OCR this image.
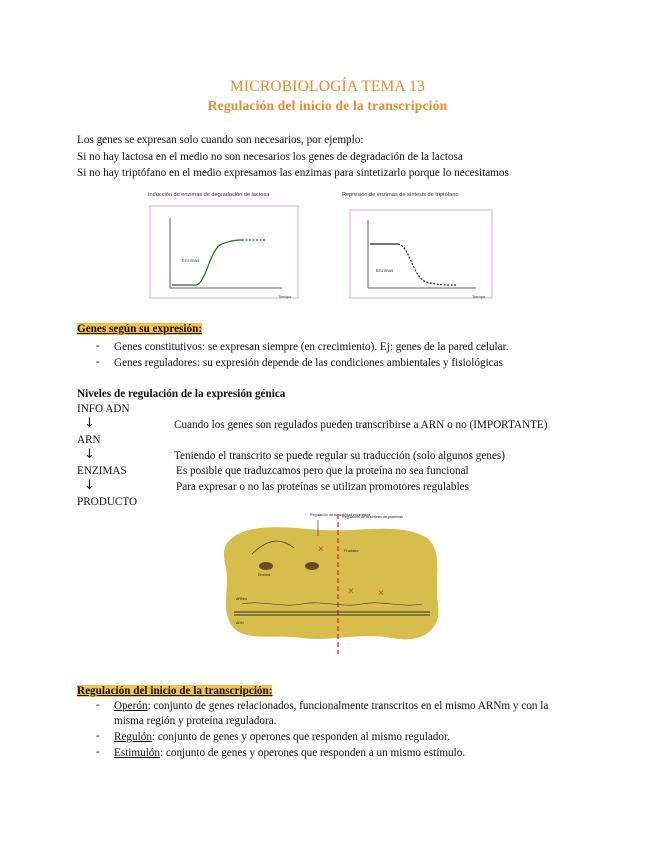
MICROBIOLOGÍA TEMA 13
Regulación del inicio de la transcripción
Los genes se expresan solo cuando son necesarios, por ejemplo:
Si no hay lactosa en el medio no son necesarios los genes de degradación de la lactosa
Si no hay triptófano en el medio expresamos las enzimas para sintetizarlo porque lo necesitamos
Inducción de enzimas de degradación de lactosa
Enzimas
Tiempo
Represión de enzimas de síntesis de triptófano
Enzimas
Tiempo
Genes según su expresión:
- Genes constitutivos: se expresan siempre (en crecimiento). Ej: genes de la pared celular.
- Genes reguladores: su expresión depende de las condiciones ambientales y fisiológicas
Niveles de regulación de la expresión génica
INFO ADN
↓	Cuando los genes son regulados pueden transcribirse a ARN o no (IMPORTANTE)
ARN
↓	Teniendo el transcrito se puede regular su traducción (solo algunos genes)
ENZIMAS	Es posible que traduzcamos pero que la proteína no sea funcional
↓	Para expresar o no las proteínas se utilizan promotores regulables
PRODUCTO
Regulación de la actividad enzimática
Regulación de la síntesis de proteínas
×
× ×
Producto
Enzima
ARNm
ADN
Regulación del inicio de la transcripción:
- Operón: conjunto de genes relacionados, funcionalmente transcritos en el mismo ARNm y con la
misma región y proteína reguladora.
- Regulón: conjunto de genes y operones que responden al mismo regulador.
- Estimulón: conjunto de genes y operones que responden a un mismo estímulo.
